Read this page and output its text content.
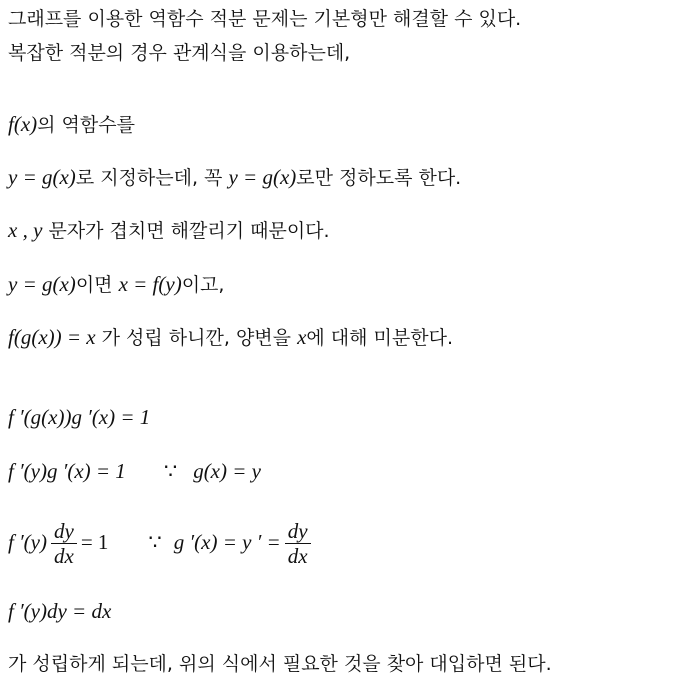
그래프를 이용한 역함수 적분 문제는 기본형만 해결할 수 있다.
복잡한 적분의 경우 관계식을 이용하는데,
f(x)의 역함수를
y = g(x)로 지정하는데, 꼭 y = g(x)로만 정하도록 한다.
x , y 문자가 겹치면 해깔리기 때문이다.
y = g(x)이면 x = f(y)이고,
f(g(x)) = x 가 성립 하니깐, 양변을 x에 대해 미분한다.
f ′(g(x))g ′(x) = 1
f ′(y)g ′(x) = 1 ∵ g(x) = y
f $'(y) \frac{dy}{dx} = 1$ ∵ g ′(x) = y ′ = $\frac{dy}{dx}$
f ′(y)dy = dx
가 성립하게 되는데, 위의 식에서 필요한 것을 찾아 대입하면 된다.
